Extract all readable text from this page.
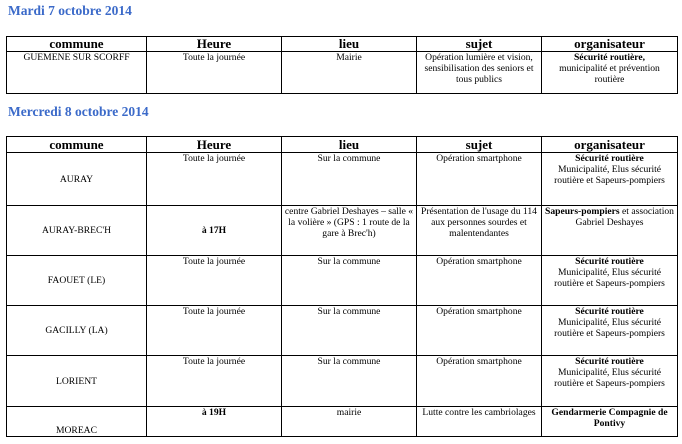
Mardi 7 octobre 2014
commune	Heure	lieu	sujet	organisateur
GUEMENE SUR SCORFF	Toute la journée	Mairie	Opération lumière et vision, sensibilisation des seniors et tous publics	Sécurité routière,
municipalité et prévention routière
Mercredi 8 octobre 2014
commune	Heure	lieu	sujet	organisateur
AURAY	Toute la journée	Sur la commune	Opération smartphone	Sécurité routière
Municipalité, Elus sécurité routière et Sapeurs-pompiers
AURAY-BREC'H	à 17H	centre Gabriel Deshayes – salle « la volière » (GPS : 1 route de la gare à Brec'h)	Présentation de l'usage du 114 aux personnes sourdes et malentendantes	Sapeurs-pompiers et association Gabriel Deshayes
FAOUET (LE)	Toute la journée	Sur la commune	Opération smartphone	Sécurité routière
Municipalité, Elus sécurité routière et Sapeurs-pompiers
GACILLY (LA)	Toute la journée	Sur la commune	Opération smartphone	Sécurité routière
Municipalité, Elus sécurité routière et Sapeurs-pompiers
LORIENT	Toute la journée	Sur la commune	Opération smartphone	Sécurité routière
Municipalité, Elus sécurité routière et Sapeurs-pompiers
MOREAC	à 19H	mairie	Lutte contre les cambriolages	Gendarmerie Compagnie de Pontivy
